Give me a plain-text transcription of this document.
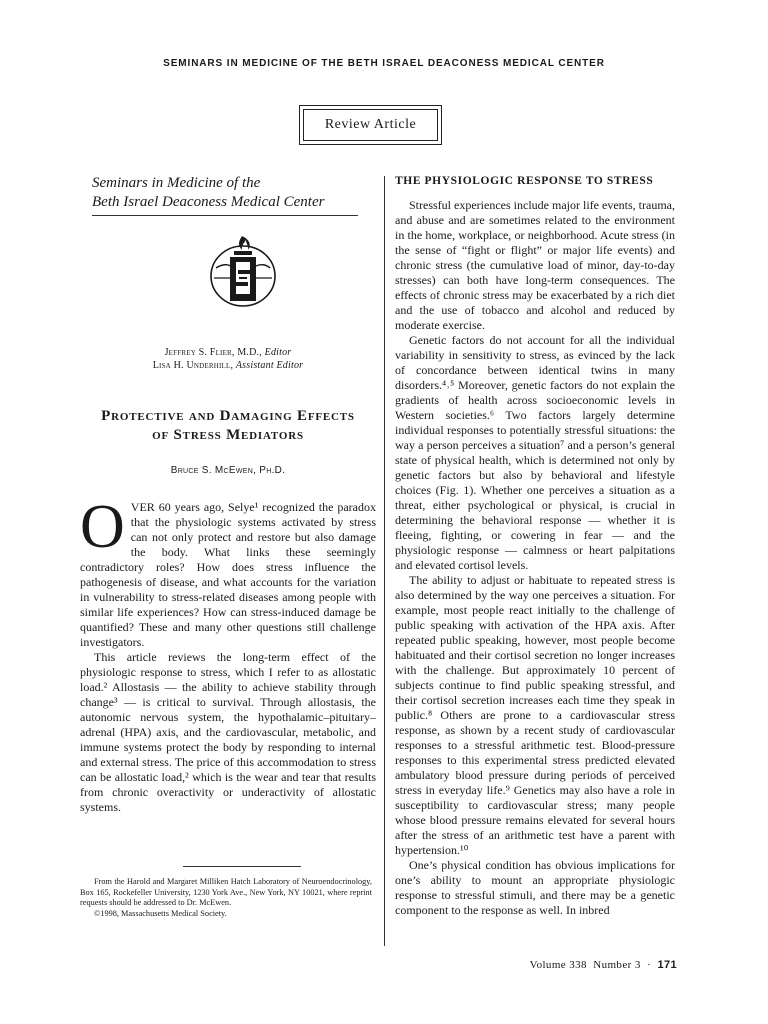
SEMINARS IN MEDICINE OF THE BETH ISRAEL DEACONESS MEDICAL CENTER
Review Article
Seminars in Medicine of the
Beth Israel Deaconess Medical Center
Jeffrey S. Flier, M.D., Editor
Lisa H. Underhill, Assistant Editor
Protective and Damaging Effects
of Stress Mediators
Bruce S. McEwen, Ph.D.

OVER 60 years ago, Selye¹ recognized the paradox that the physiologic systems activated by stress can not only protect and restore but also damage the body. What links these seemingly contradictory roles? How does stress influence the pathogenesis of disease, and what accounts for the variation in vulnerability to stress-related diseases among people with similar life experiences? How can stress-induced damage be quantified? These and many other questions still challenge investigators.

This article reviews the long-term effect of the physiologic response to stress, which I refer to as allostatic load.² Allostasis — the ability to achieve stability through change³ — is critical to survival. Through allostasis, the autonomic nervous system, the hypothalamic–pituitary–adrenal (HPA) axis, and the cardiovascular, metabolic, and immune systems protect the body by responding to internal and external stress. The price of this accommodation to stress can be allostatic load,² which is the wear and tear that results from chronic overactivity or underactivity of allostatic systems.

From the Harold and Margaret Milliken Hatch Laboratory of Neuroendocrinology, Box 165, Rockefeller University, 1230 York Ave., New York, NY 10021, where reprint requests should be addressed to Dr. McEwen.

©1998, Massachusetts Medical Society.

THE PHYSIOLOGIC RESPONSE TO STRESS

Stressful experiences include major life events, trauma, and abuse and are sometimes related to the environment in the home, workplace, or neighborhood. Acute stress (in the sense of “fight or flight” or major life events) and chronic stress (the cumulative load of minor, day-to-day stresses) can both have long-term consequences. The effects of chronic stress may be exacerbated by a rich diet and the use of tobacco and alcohol and reduced by moderate exercise.

Genetic factors do not account for all the individual variability in sensitivity to stress, as evinced by the lack of concordance between identical twins in many disorders.⁴˒⁵ Moreover, genetic factors do not explain the gradients of health across socioeconomic levels in Western societies.⁶ Two factors largely determine individual responses to potentially stressful situations: the way a person perceives a situation⁷ and a person’s general state of physical health, which is determined not only by genetic factors but also by behavioral and lifestyle choices (Fig. 1). Whether one perceives a situation as a threat, either psychological or physical, is crucial in determining the behavioral response — whether it is fleeing, fighting, or cowering in fear — and the physiologic response — calmness or heart palpitations and elevated cortisol levels.

The ability to adjust or habituate to repeated stress is also determined by the way one perceives a situation. For example, most people react initially to the challenge of public speaking with activation of the HPA axis. After repeated public speaking, however, most people become habituated and their cortisol secretion no longer increases with the challenge. But approximately 10 percent of subjects continue to find public speaking stressful, and their cortisol secretion increases each time they speak in public.⁸ Others are prone to a cardiovascular stress response, as shown by a recent study of cardiovascular responses to a stressful arithmetic test. Blood-pressure responses to this experimental stress predicted elevated ambulatory blood pressure during periods of perceived stress in everyday life.⁹ Genetics may also have a role in susceptibility to cardiovascular stress; many people whose blood pressure remains elevated for several hours after the stress of an arithmetic test have a parent with hypertension.¹⁰

One’s physical condition has obvious implications for one’s ability to mount an appropriate physiologic response to stressful stimuli, and there may be a genetic component to the response as well. In inbred

Volume 338 Number 3 · 171
